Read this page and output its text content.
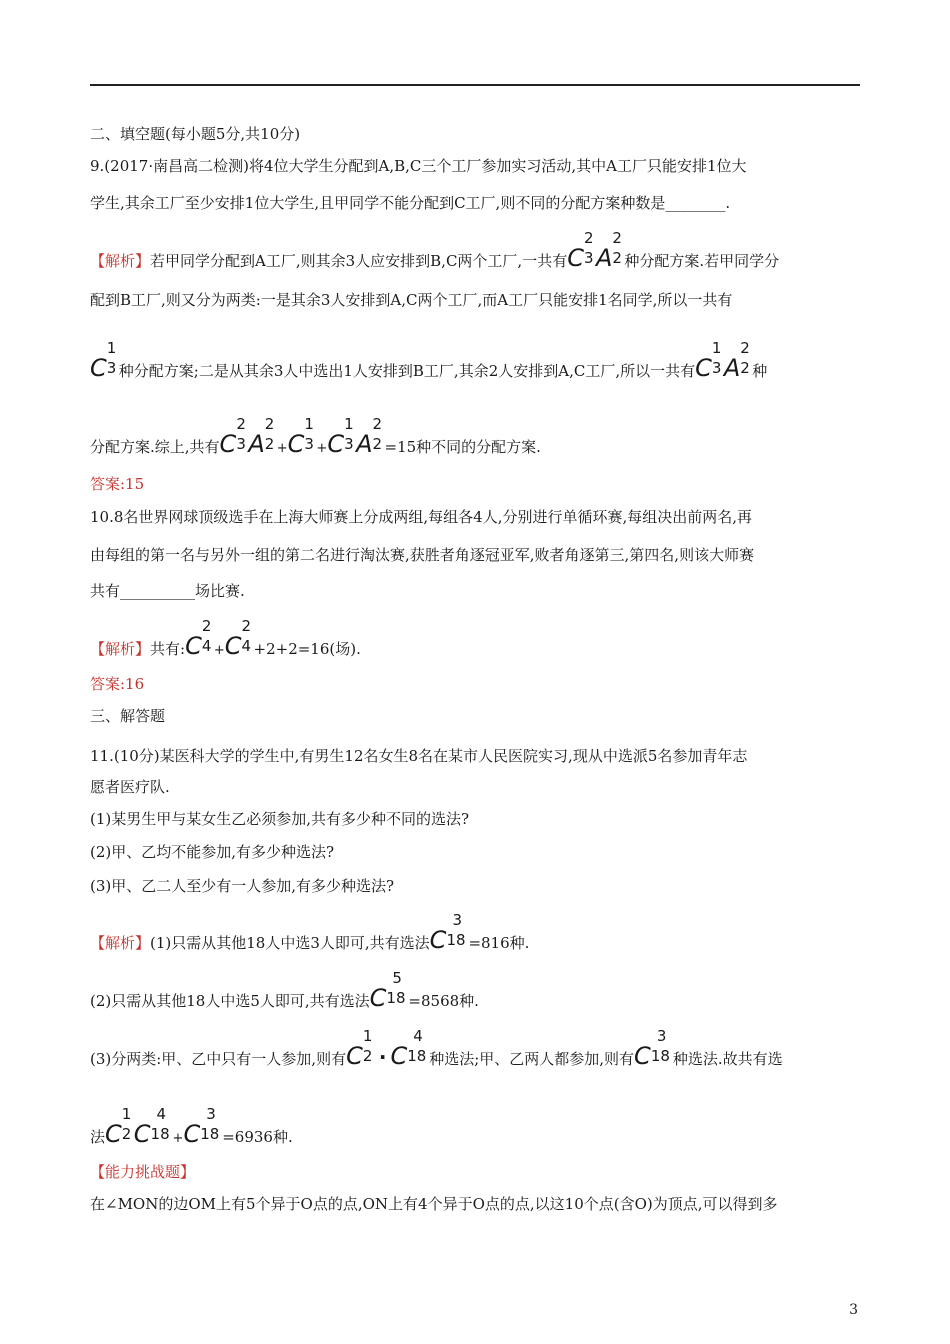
二、填空题(每小题5分,共10分)
9.(2017·南昌高二检测)将4位大学生分配到A,B,C三个工厂参加实习活动,其中A工厂只能安排1位大
学生,其余工厂至少安排1位大学生,且甲同学不能分配到C工厂,则不同的分配方案种数是________.
【解析】若甲同学分配到A工厂,则其余3人应安排到B,C两个工厂,一共有C
2
3 A
2
2 种分配方案.若甲同学分
配到B工厂,则又分为两类:一是其余3人安排到A,C两个工厂,而A工厂只能安排1名同学,所以一共有
C
1
3 种分配方案;二是从其余3人中选出1人安排到B工厂,其余2人安排到A,C工厂,所以一共有C
1
3 A
2
2 种
分配方案.综上,共有C
2
3 A
2
2 +C
1
3 +C
1
3 A
2
2 =15种不同的分配方案.
答案:15
10.8名世界网球顶级选手在上海大师赛上分成两组,每组各4人,分别进行单循环赛,每组决出前两名,再
由每组的第一名与另外一组的第二名进行淘汰赛,获胜者角逐冠亚军,败者角逐第三,第四名,则该大师赛
共有__________场比赛.
【解析】共有:C
2
4 +C
2
4 +2+2=16(场).
答案:16
三、解答题
11.(10分)某医科大学的学生中,有男生12名女生8名在某市人民医院实习,现从中选派5名参加青年志
愿者医疗队.
(1)某男生甲与某女生乙必须参加,共有多少种不同的选法?
(2)甲、乙均不能参加,有多少种选法?
(3)甲、乙二人至少有一人参加,有多少种选法?
【解析】(1)只需从其他18人中选3人即可,共有选法C
3
18 =816种.
(2)只需从其他18人中选5人即可,共有选法C
5
18 =8568种.
(3)分两类:甲、乙中只有一人参加,则有C
1
2 · C
4
18 种选法;甲、乙两人都参加,则有C
3
18 种选法.故共有选
法C
1
2 C
4
18 +C
3
18 =6936种.
【能力挑战题】
在∠MON的边OM上有5个异于O点的点,ON上有4个异于O点的点,以这10个点(含O)为顶点,可以得到多
3
